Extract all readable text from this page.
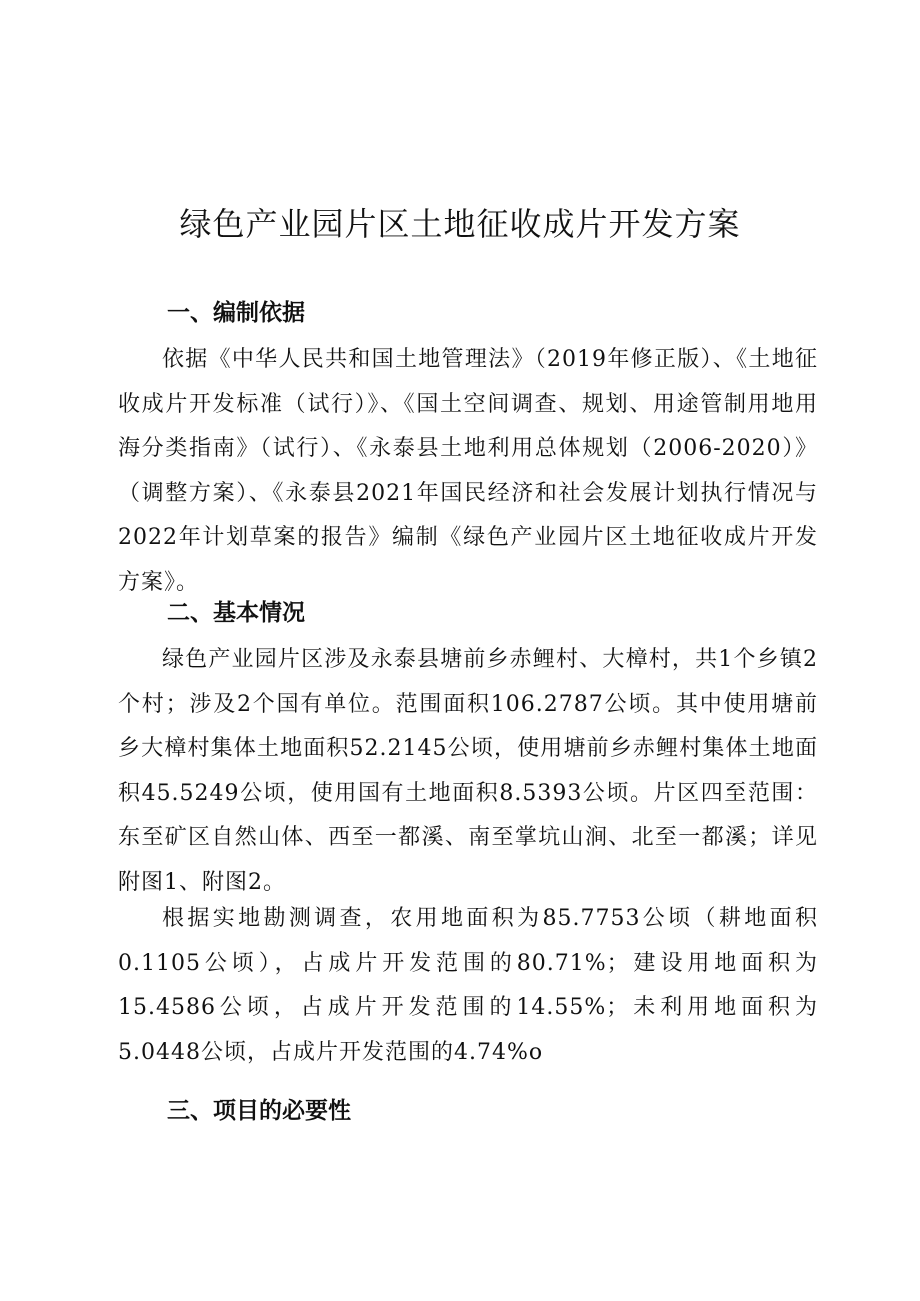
绿色产业园片区土地征收成片开发方案
一、编制依据

依据《中华人民共和国土地管理法》（2019年修正版）、《土地征收成片开发标准（试行）》、《国土空间调查、规划、用途管制用地用海分类指南》（试行）、《永泰县土地利用总体规划（2006-2020）》（调整方案）、《永泰县2021年国民经济和社会发展计划执行情况与2022年计划草案的报告》编制《绿色产业园片区土地征收成片开发方案》。

二、基本情况

绿色产业园片区涉及永泰县塘前乡赤鲤村、大樟村，共1个乡镇2个村；涉及2个国有单位。范围面积106.2787公顷。其中使用塘前乡大樟村集体土地面积52.2145公顷，使用塘前乡赤鲤村集体土地面积45.5249公顷，使用国有土地面积8.5393公顷。片区四至范围：东至矿区自然山体、西至一都溪、南至掌坑山涧、北至一都溪；详见附图1、附图2。

根据实地勘测调查，农用地面积为85.7753公顷（耕地面积0.1105公顷），占成片开发范围的80.71%；建设用地面积为15.4586公顷，占成片开发范围的14.55%；未利用地面积为5.0448公顷，占成片开发范围的4.74%o

三、项目的必要性
